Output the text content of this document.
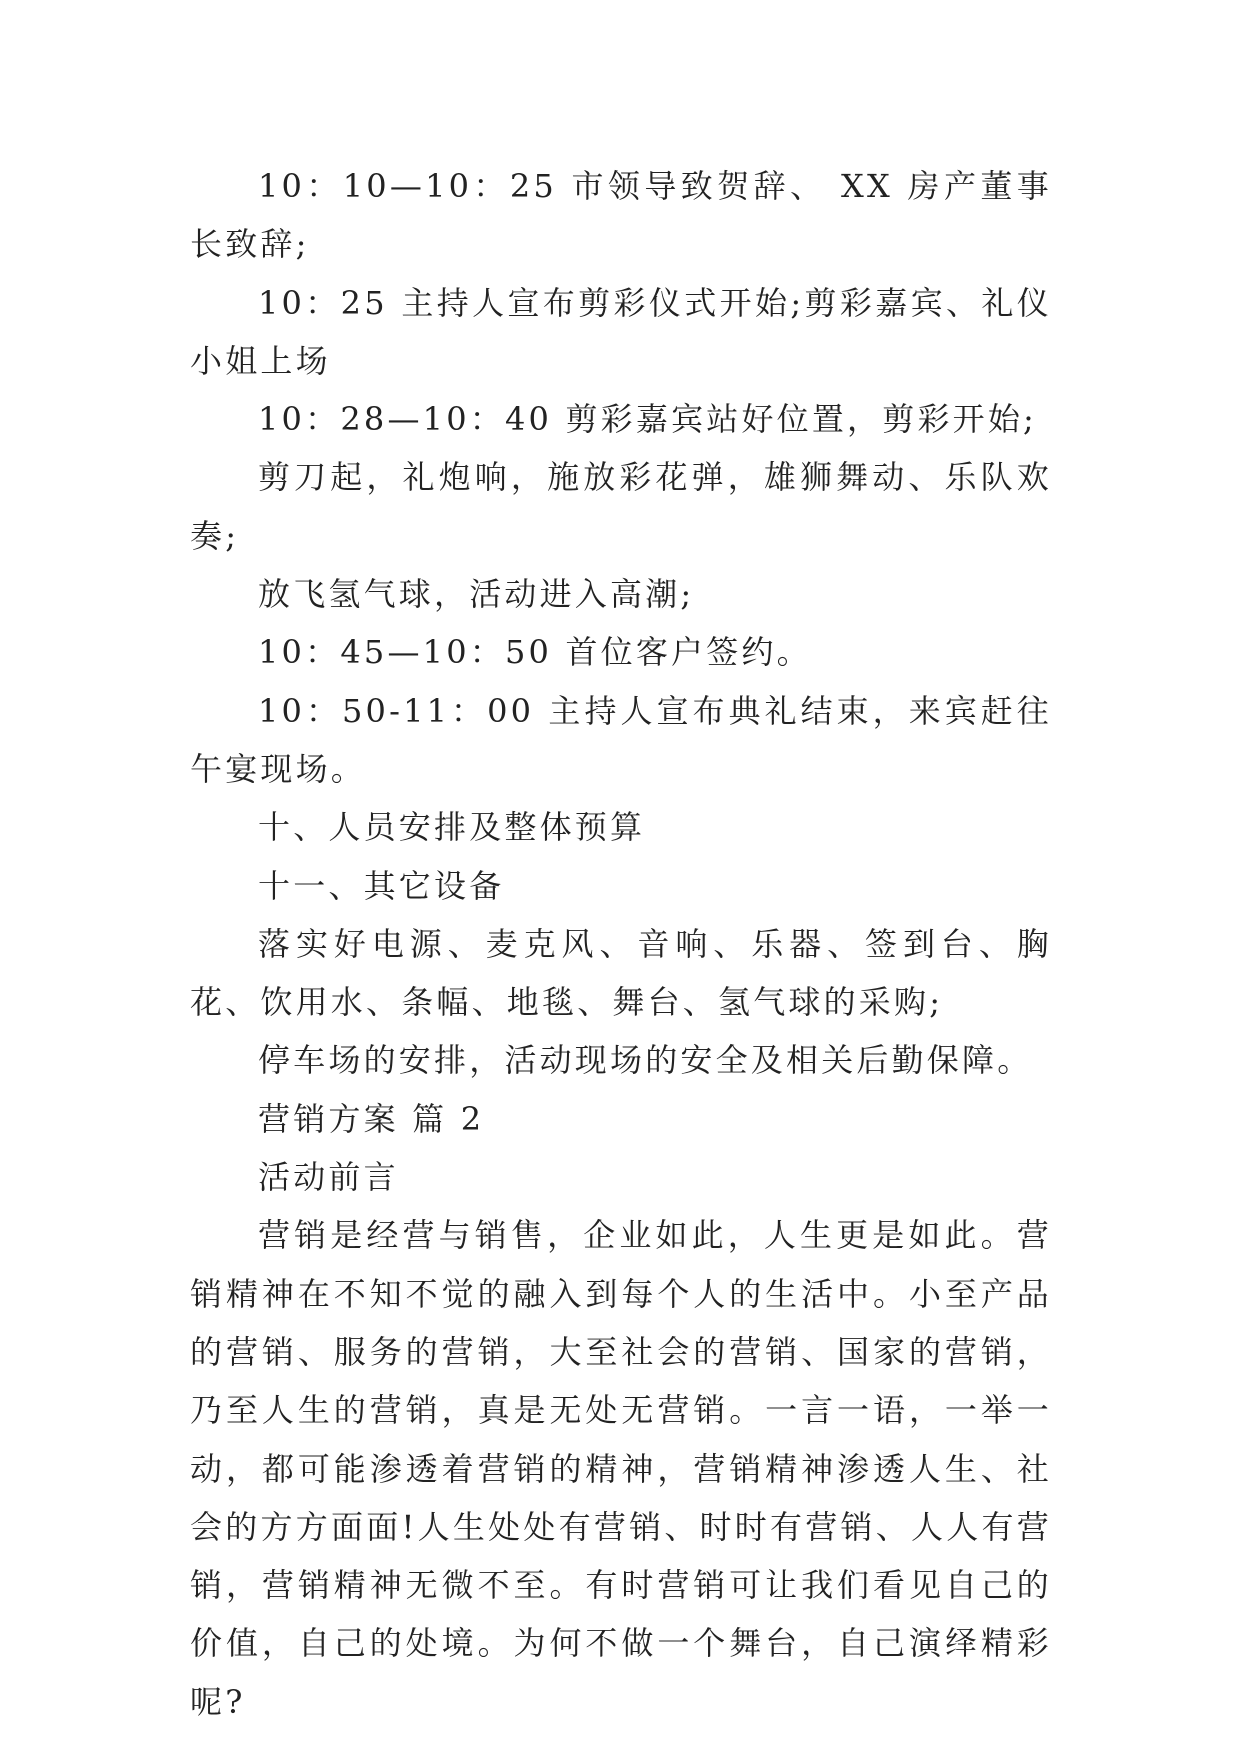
10：10—10：25 市领导致贺辞、 XX 房产董事长致辞;

10：25 主持人宣布剪彩仪式开始;剪彩嘉宾、礼仪小姐上场

10：28—10：40 剪彩嘉宾站好位置，剪彩开始;

剪刀起，礼炮响，施放彩花弹，雄狮舞动、乐队欢奏;

放飞氢气球，活动进入高潮;

10：45—10：50 首位客户签约。

10：50-11：00 主持人宣布典礼结束，来宾赶往午宴现场。

十、人员安排及整体预算

十一、其它设备

落实好电源、麦克风、音响、乐器、签到台、胸花、饮用水、条幅、地毯、舞台、氢气球的采购;

停车场的安排，活动现场的安全及相关后勤保障。

营销方案 篇 2

活动前言

营销是经营与销售，企业如此，人生更是如此。营销精神在不知不觉的融入到每个人的生活中。小至产品的营销、服务的营销，大至社会的营销、国家的营销，乃至人生的营销，真是无处无营销。一言一语，一举一动，都可能渗透着营销的精神，营销精神渗透人生、社会的方方面面!人生处处有营销、时时有营销、人人有营销，营销精神无微不至。有时营销可让我们看见自己的价值，自己的处境。为何不做一个舞台，自己演绎精彩呢?
